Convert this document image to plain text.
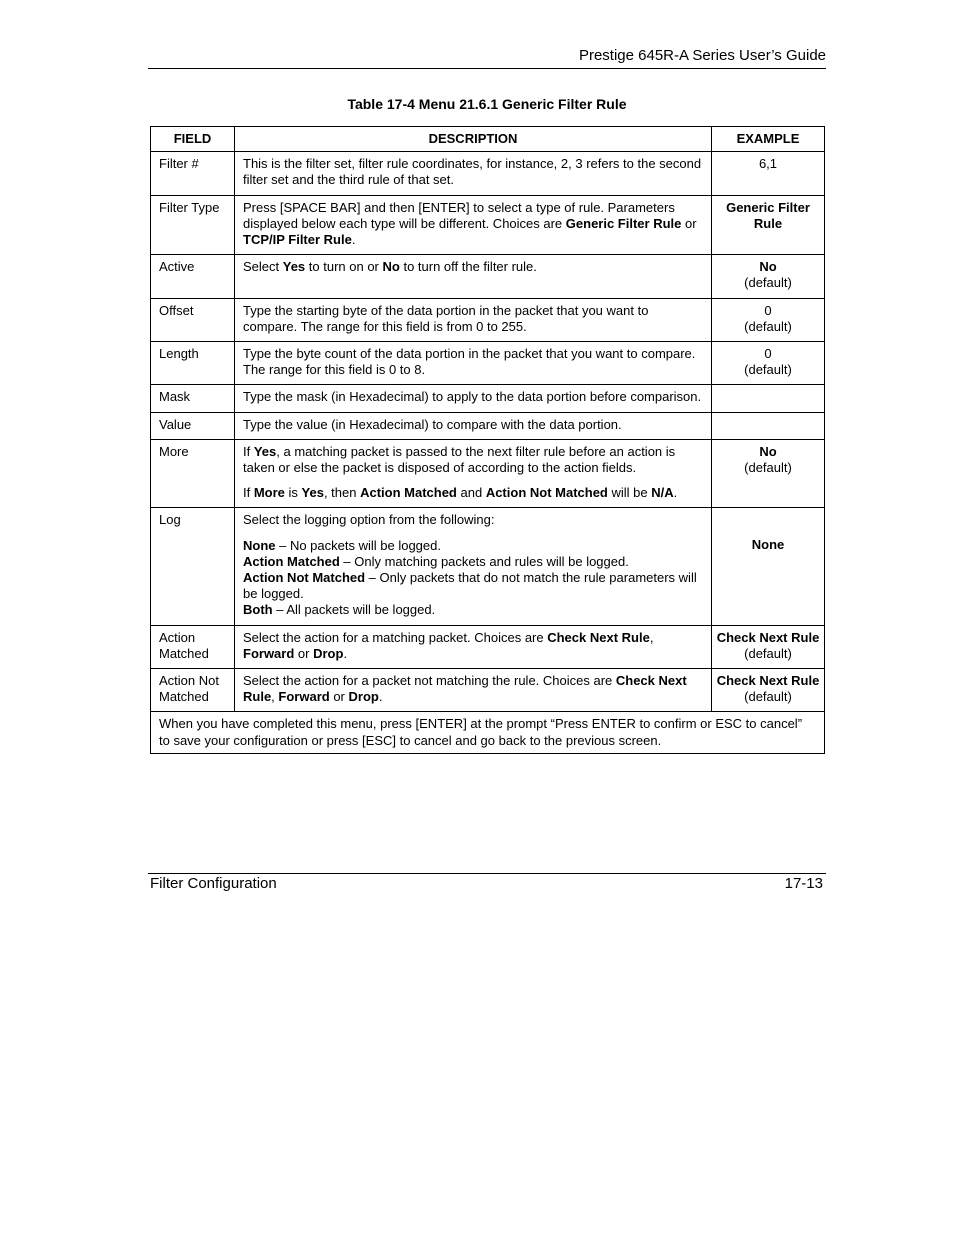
Prestige 645R-A Series User’s Guide
Table 17-4 Menu 21.6.1 Generic Filter Rule
FIELD	DESCRIPTION	EXAMPLE
Filter #	This is the filter set, filter rule coordinates, for instance, 2, 3 refers to the second filter set and the third rule of that set.	6,1

Filter Type	Press [SPACE BAR] and then [ENTER] to select a type of rule. Parameters displayed below each type will be different. Choices are Generic Filter Rule or TCP/IP Filter Rule.	Generic Filter Rule

Active	Select Yes to turn on or No to turn off the filter rule.	No
(default)

Offset	Type the starting byte of the data portion in the packet that you want to compare. The range for this field is from 0 to 255.	0
(default)

Length	Type the byte count of the data portion in the packet that you want to compare. The range for this field is 0 to 8.	0
(default)

Mask	Type the mask (in Hexadecimal) to apply to the data portion before comparison.	
Value	Type the value (in Hexadecimal) to compare with the data portion.	
More	If Yes, a matching packet is passed to the next filter rule before an action is taken or else the packet is disposed of according to the action fields.
If More is Yes, then Action Matched and Action Not Matched will be N/A.	No
(default)

Log	Select the logging option from the following:
None – No packets will be logged.
Action Matched – Only matching packets and rules will be logged.
Action Not Matched – Only packets that do not match the rule parameters will be logged.
Both – All packets will be logged.	None

Action Matched	Select the action for a matching packet. Choices are Check Next Rule, Forward or Drop.	Check Next Rule
(default)

Action Not Matched	Select the action for a packet not matching the rule. Choices are Check Next Rule, Forward or Drop.	Check Next Rule
(default)

When you have completed this menu, press [ENTER] at the prompt “Press ENTER to confirm or ESC to cancel” to save your configuration or press [ESC] to cancel and go back to the previous screen.		
Filter Configuration	17-13
